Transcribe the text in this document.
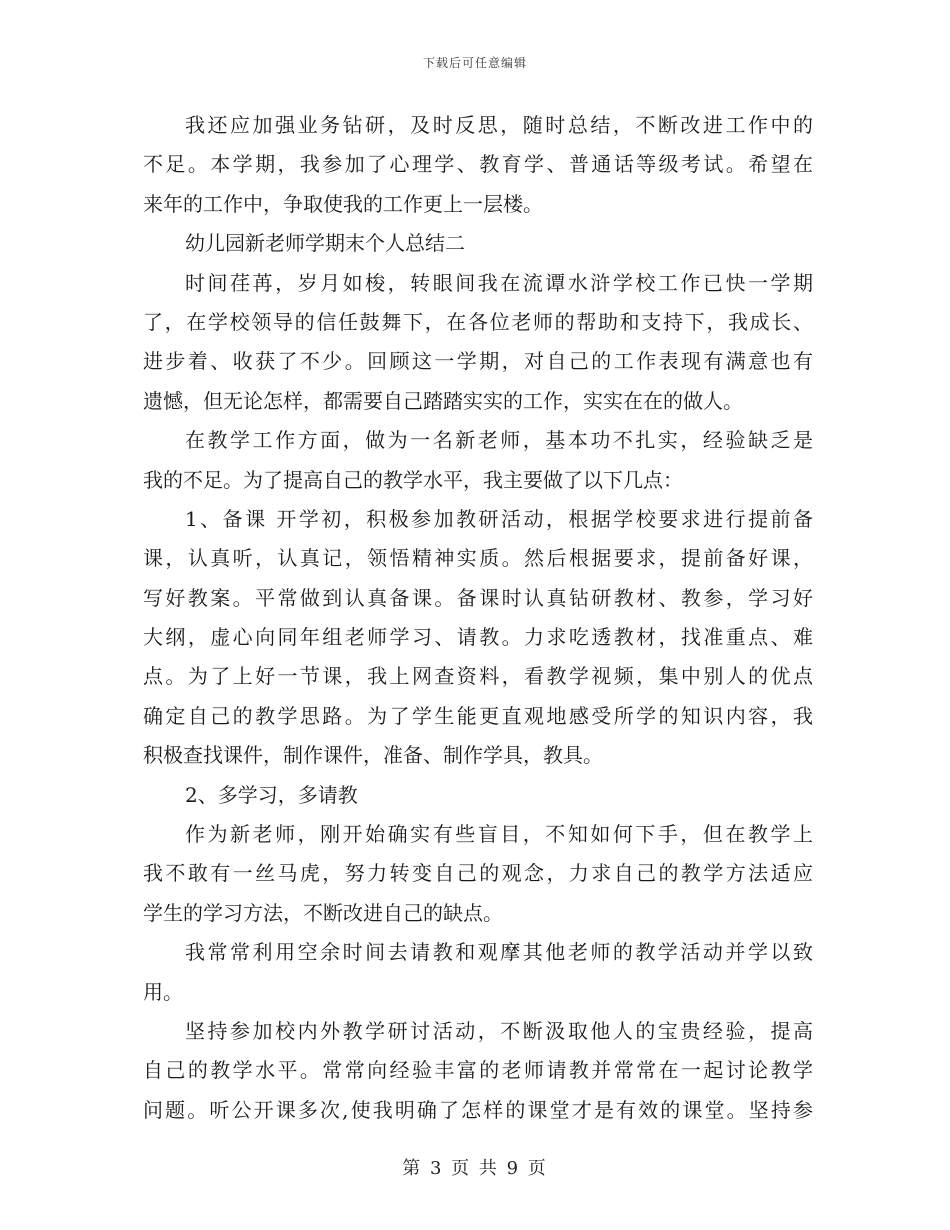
下载后可任意编辑
我还应加强业务钻研，及时反思，随时总结，不断改进工作中的
不足。本学期，我参加了心理学、教育学、普通话等级考试。希望在
来年的工作中，争取使我的工作更上一层楼。
幼儿园新老师学期末个人总结二
时间荏苒，岁月如梭，转眼间我在流谭水浒学校工作已快一学期
了，在学校领导的信任鼓舞下，在各位老师的帮助和支持下，我成长、
进步着、收获了不少。回顾这一学期，对自己的工作表现有满意也有
遗憾，但无论怎样，都需要自己踏踏实实的工作，实实在在的做人。
在教学工作方面，做为一名新老师，基本功不扎实，经验缺乏是
我的不足。为了提高自己的教学水平，我主要做了以下几点：
1、备课 开学初，积极参加教研活动，根据学校要求进行提前备
课，认真听，认真记，领悟精神实质。然后根据要求，提前备好课，
写好教案。平常做到认真备课。备课时认真钻研教材、教参，学习好
大纲，虚心向同年组老师学习、请教。力求吃透教材，找准重点、难
点。为了上好一节课，我上网查资料，看教学视频，集中别人的优点
确定自己的教学思路。为了学生能更直观地感受所学的知识内容，我
积极查找课件，制作课件，准备、制作学具，教具。
2、多学习，多请教
作为新老师，刚开始确实有些盲目，不知如何下手，但在教学上
我不敢有一丝马虎，努力转变自己的观念，力求自己的教学方法适应
学生的学习方法，不断改进自己的缺点。
我常常利用空余时间去请教和观摩其他老师的教学活动并学以致
用。
坚持参加校内外教学研讨活动，不断汲取他人的宝贵经验，提高
自己的教学水平。常常向经验丰富的老师请教并常常在一起讨论教学
问题。听公开课多次,使我明确了怎样的课堂才是有效的课堂。坚持参
第 3 页 共 9 页
